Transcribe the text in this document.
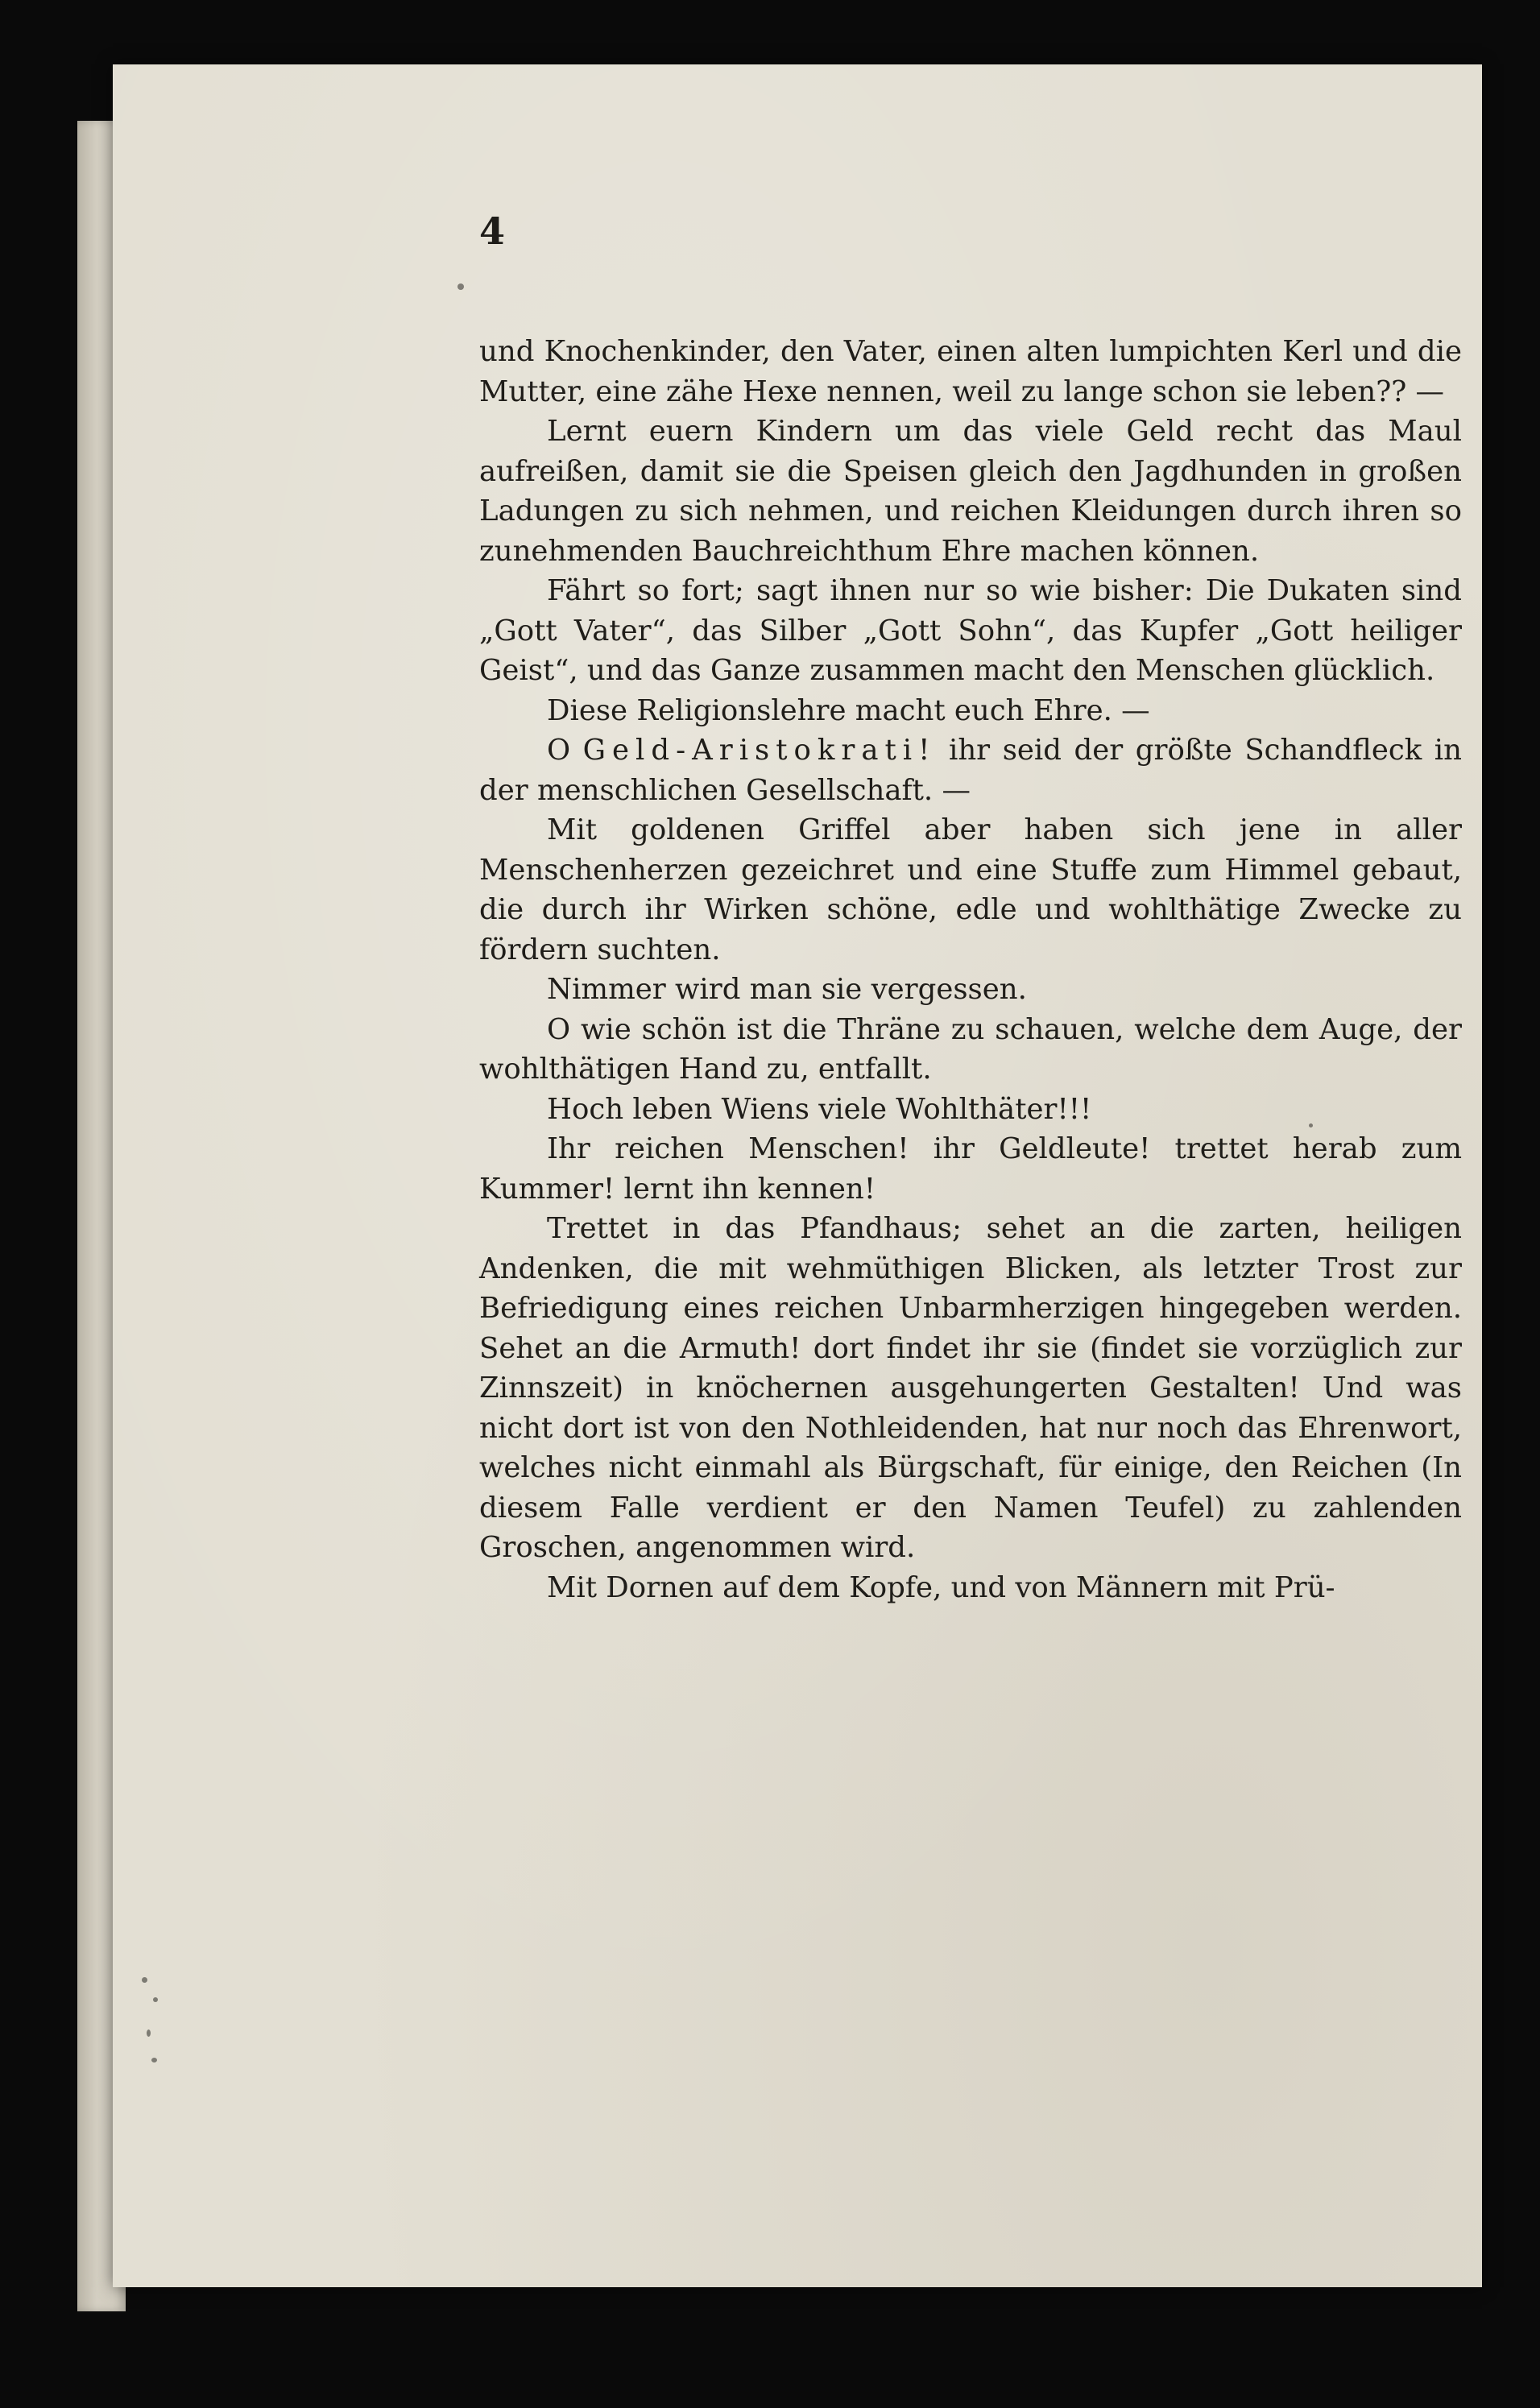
4

und Knochenkinder, den Vater, einen alten lumpichten Kerl und die Mutter, eine zähe Hexe nennen, weil zu lange schon sie leben?? —

Lernt euern Kindern um das viele Geld recht das Maul aufreißen, damit sie die Speisen gleich den Jagdhunden in großen Ladungen zu sich nehmen, und reichen Kleidungen durch ihren so zunehmenden Bauchreichthum Ehre machen können.

Fährt so fort; sagt ihnen nur so wie bisher: Die Dukaten sind „Gott Vater“, das Silber „Gott Sohn“, das Kupfer „Gott heiliger Geist“, und das Ganze zusammen macht den Menschen glücklich.

Diese Religionslehre macht euch Ehre. —

O Geld-Aristokrati! ihr seid der größte Schandfleck in der menschlichen Gesellschaft. —

Mit goldenen Griffel aber haben sich jene in aller Menschenherzen gezeichret und eine Stuffe zum Himmel gebaut, die durch ihr Wirken schöne, edle und wohlthätige Zwecke zu fördern suchten.

Nimmer wird man sie vergessen.

O wie schön ist die Thräne zu schauen, welche dem Auge, der wohlthätigen Hand zu, entfallt.

Hoch leben Wiens viele Wohlthäter!!!

Ihr reichen Menschen! ihr Geldleute! trettet herab zum Kummer! lernt ihn kennen!

Trettet in das Pfandhaus; sehet an die zarten, heiligen Andenken, die mit wehmüthigen Blicken, als letzter Trost zur Befriedigung eines reichen Unbarmherzigen hingegeben werden. Sehet an die Armuth! dort findet ihr sie (findet sie vorzüglich zur Zinnszeit) in knöchernen ausgehungerten Gestalten! Und was nicht dort ist von den Nothleidenden, hat nur noch das Ehrenwort, welches nicht einmahl als Bürgschaft, für einige, den Reichen (In diesem Falle verdient er den Namen Teufel) zu zahlenden Groschen, angenommen wird.

Mit Dornen auf dem Kopfe, und von Männern mit Prü-
